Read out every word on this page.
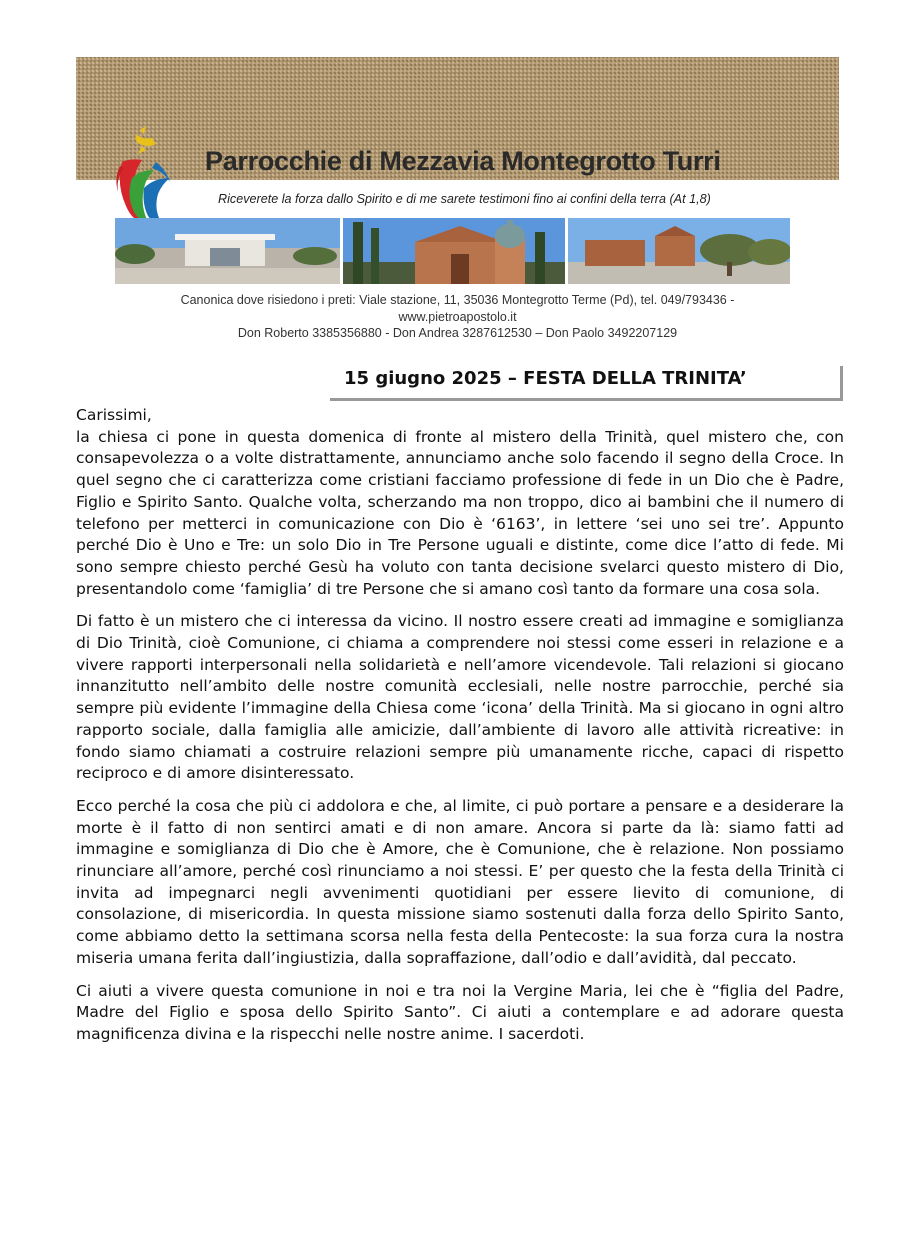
Parrocchie di Mezzavia Montegrotto Turri
Riceverete la forza dallo Spirito e di me sarete testimoni fino ai confini della terra (At 1,8)
Canonica dove risiedono i preti: Viale stazione, 11, 35036 Montegrotto Terme (Pd), tel. 049/793436 -
www.pietroapostolo.it
Don Roberto 3385356880 - Don Andrea 3287612530 – Don Paolo 3492207129
15 giugno 2025 – FESTA DELLA TRINITA’

Carissimi,

la chiesa ci pone in questa domenica di fronte al mistero della Trinità, quel mistero che, con consapevolezza o a volte distrattamente, annunciamo anche solo facendo il segno della Croce. In quel segno che ci caratterizza come cristiani facciamo professione di fede in un Dio che è Padre, Figlio e Spirito Santo. Qualche volta, scherzando ma non troppo, dico ai bambini che il numero di telefono per metterci in comunicazione con Dio è ‘6163’, in lettere ‘sei uno sei tre’. Appunto perché Dio è Uno e Tre: un solo Dio in Tre Persone uguali e distinte, come dice l’atto di fede. Mi sono sempre chiesto perché Gesù ha voluto con tanta decisione svelarci questo mistero di Dio, presentandolo come ‘famiglia’ di tre Persone che si amano così tanto da formare una cosa sola.

Di fatto è un mistero che ci interessa da vicino. Il nostro essere creati ad immagine e somiglianza di Dio Trinità, cioè Comunione, ci chiama a comprendere noi stessi come esseri in relazione e a vivere rapporti interpersonali nella solidarietà e nell’amore vicendevole. Tali relazioni si giocano innanzitutto nell’ambito delle nostre comunità ecclesiali, nelle nostre parrocchie, perché sia sempre più evidente l’immagine della Chiesa come ‘icona’ della Trinità. Ma si giocano in ogni altro rapporto sociale, dalla famiglia alle amicizie, dall’ambiente di lavoro alle attività ricreative: in fondo siamo chiamati a costruire relazioni sempre più umanamente ricche, capaci di rispetto reciproco e di amore disinteressato.

Ecco perché la cosa che più ci addolora e che, al limite, ci può portare a pensare e a desiderare la morte è il fatto di non sentirci amati e di non amare. Ancora si parte da là: siamo fatti ad immagine e somiglianza di Dio che è Amore, che è Comunione, che è relazione. Non possiamo rinunciare all’amore, perché così rinunciamo a noi stessi. E’ per questo che la festa della Trinità ci invita ad impegnarci negli avvenimenti quotidiani per essere lievito di comunione, di consolazione, di misericordia. In questa missione siamo sostenuti dalla forza dello Spirito Santo, come abbiamo detto la settimana scorsa nella festa della Pentecoste: la sua forza cura la nostra miseria umana ferita dall’ingiustizia, dalla sopraffazione, dall’odio e dall’avidità, dal peccato.

Ci aiuti a vivere questa comunione in noi e tra noi la Vergine Maria, lei che è “figlia del Padre, Madre del Figlio e sposa dello Spirito Santo”. Ci aiuti a contemplare e ad adorare questa magnificenza divina e la rispecchi nelle nostre anime. I sacerdoti.
